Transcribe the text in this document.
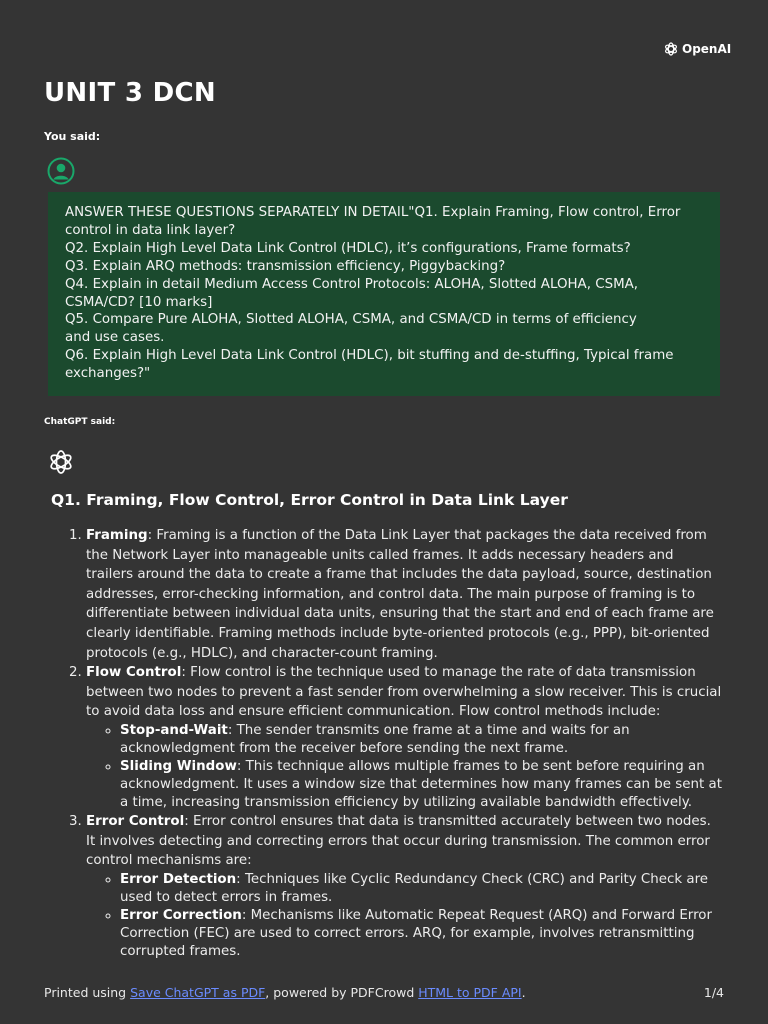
OpenAI
UNIT 3 DCN
You said:
ANSWER THESE QUESTIONS SEPARATELY IN DETAIL"Q1. Explain Framing, Flow control, Error
control in data link layer?
Q2. Explain High Level Data Link Control (HDLC), it’s configurations, Frame formats?
Q3. Explain ARQ methods: transmission efficiency, Piggybacking?
Q4. Explain in detail Medium Access Control Protocols: ALOHA, Slotted ALOHA, CSMA,
CSMA/CD? [10 marks]
Q5. Compare Pure ALOHA, Slotted ALOHA, CSMA, and CSMA/CD in terms of efficiency
and use cases.
Q6. Explain High Level Data Link Control (HDLC), bit stuffing and de-stuffing, Typical frame
exchanges?"
ChatGPT said:
Q1. Framing, Flow Control, Error Control in Data Link Layer
1. Framing: Framing is a function of the Data Link Layer that packages the data received from the Network Layer into manageable units called frames. It adds necessary headers and trailers around the data to create a frame that includes the data payload, source, destination addresses, error-checking information, and control data. The main purpose of framing is to differentiate between individual data units, ensuring that the start and end of each frame are clearly identifiable. Framing methods include byte-oriented protocols (e.g., PPP), bit-oriented protocols (e.g., HDLC), and character-count framing.
2. Flow Control: Flow control is the technique used to manage the rate of data transmission between two nodes to prevent a fast sender from overwhelming a slow receiver. This is crucial to avoid data loss and ensure efficient communication. Flow control methods include:
◦ Stop-and-Wait: The sender transmits one frame at a time and waits for an acknowledgment from the receiver before sending the next frame.
◦ Sliding Window: This technique allows multiple frames to be sent before requiring an acknowledgment. It uses a window size that determines how many frames can be sent at a time, increasing transmission efficiency by utilizing available bandwidth effectively.
3. Error Control: Error control ensures that data is transmitted accurately between two nodes. It involves detecting and correcting errors that occur during transmission. The common error control mechanisms are:
◦ Error Detection: Techniques like Cyclic Redundancy Check (CRC) and Parity Check are used to detect errors in frames.
◦ Error Correction: Mechanisms like Automatic Repeat Request (ARQ) and Forward Error Correction (FEC) are used to correct errors. ARQ, for example, involves retransmitting corrupted frames.
Printed using Save ChatGPT as PDF, powered by PDFCrowd HTML to PDF API.	1/4
